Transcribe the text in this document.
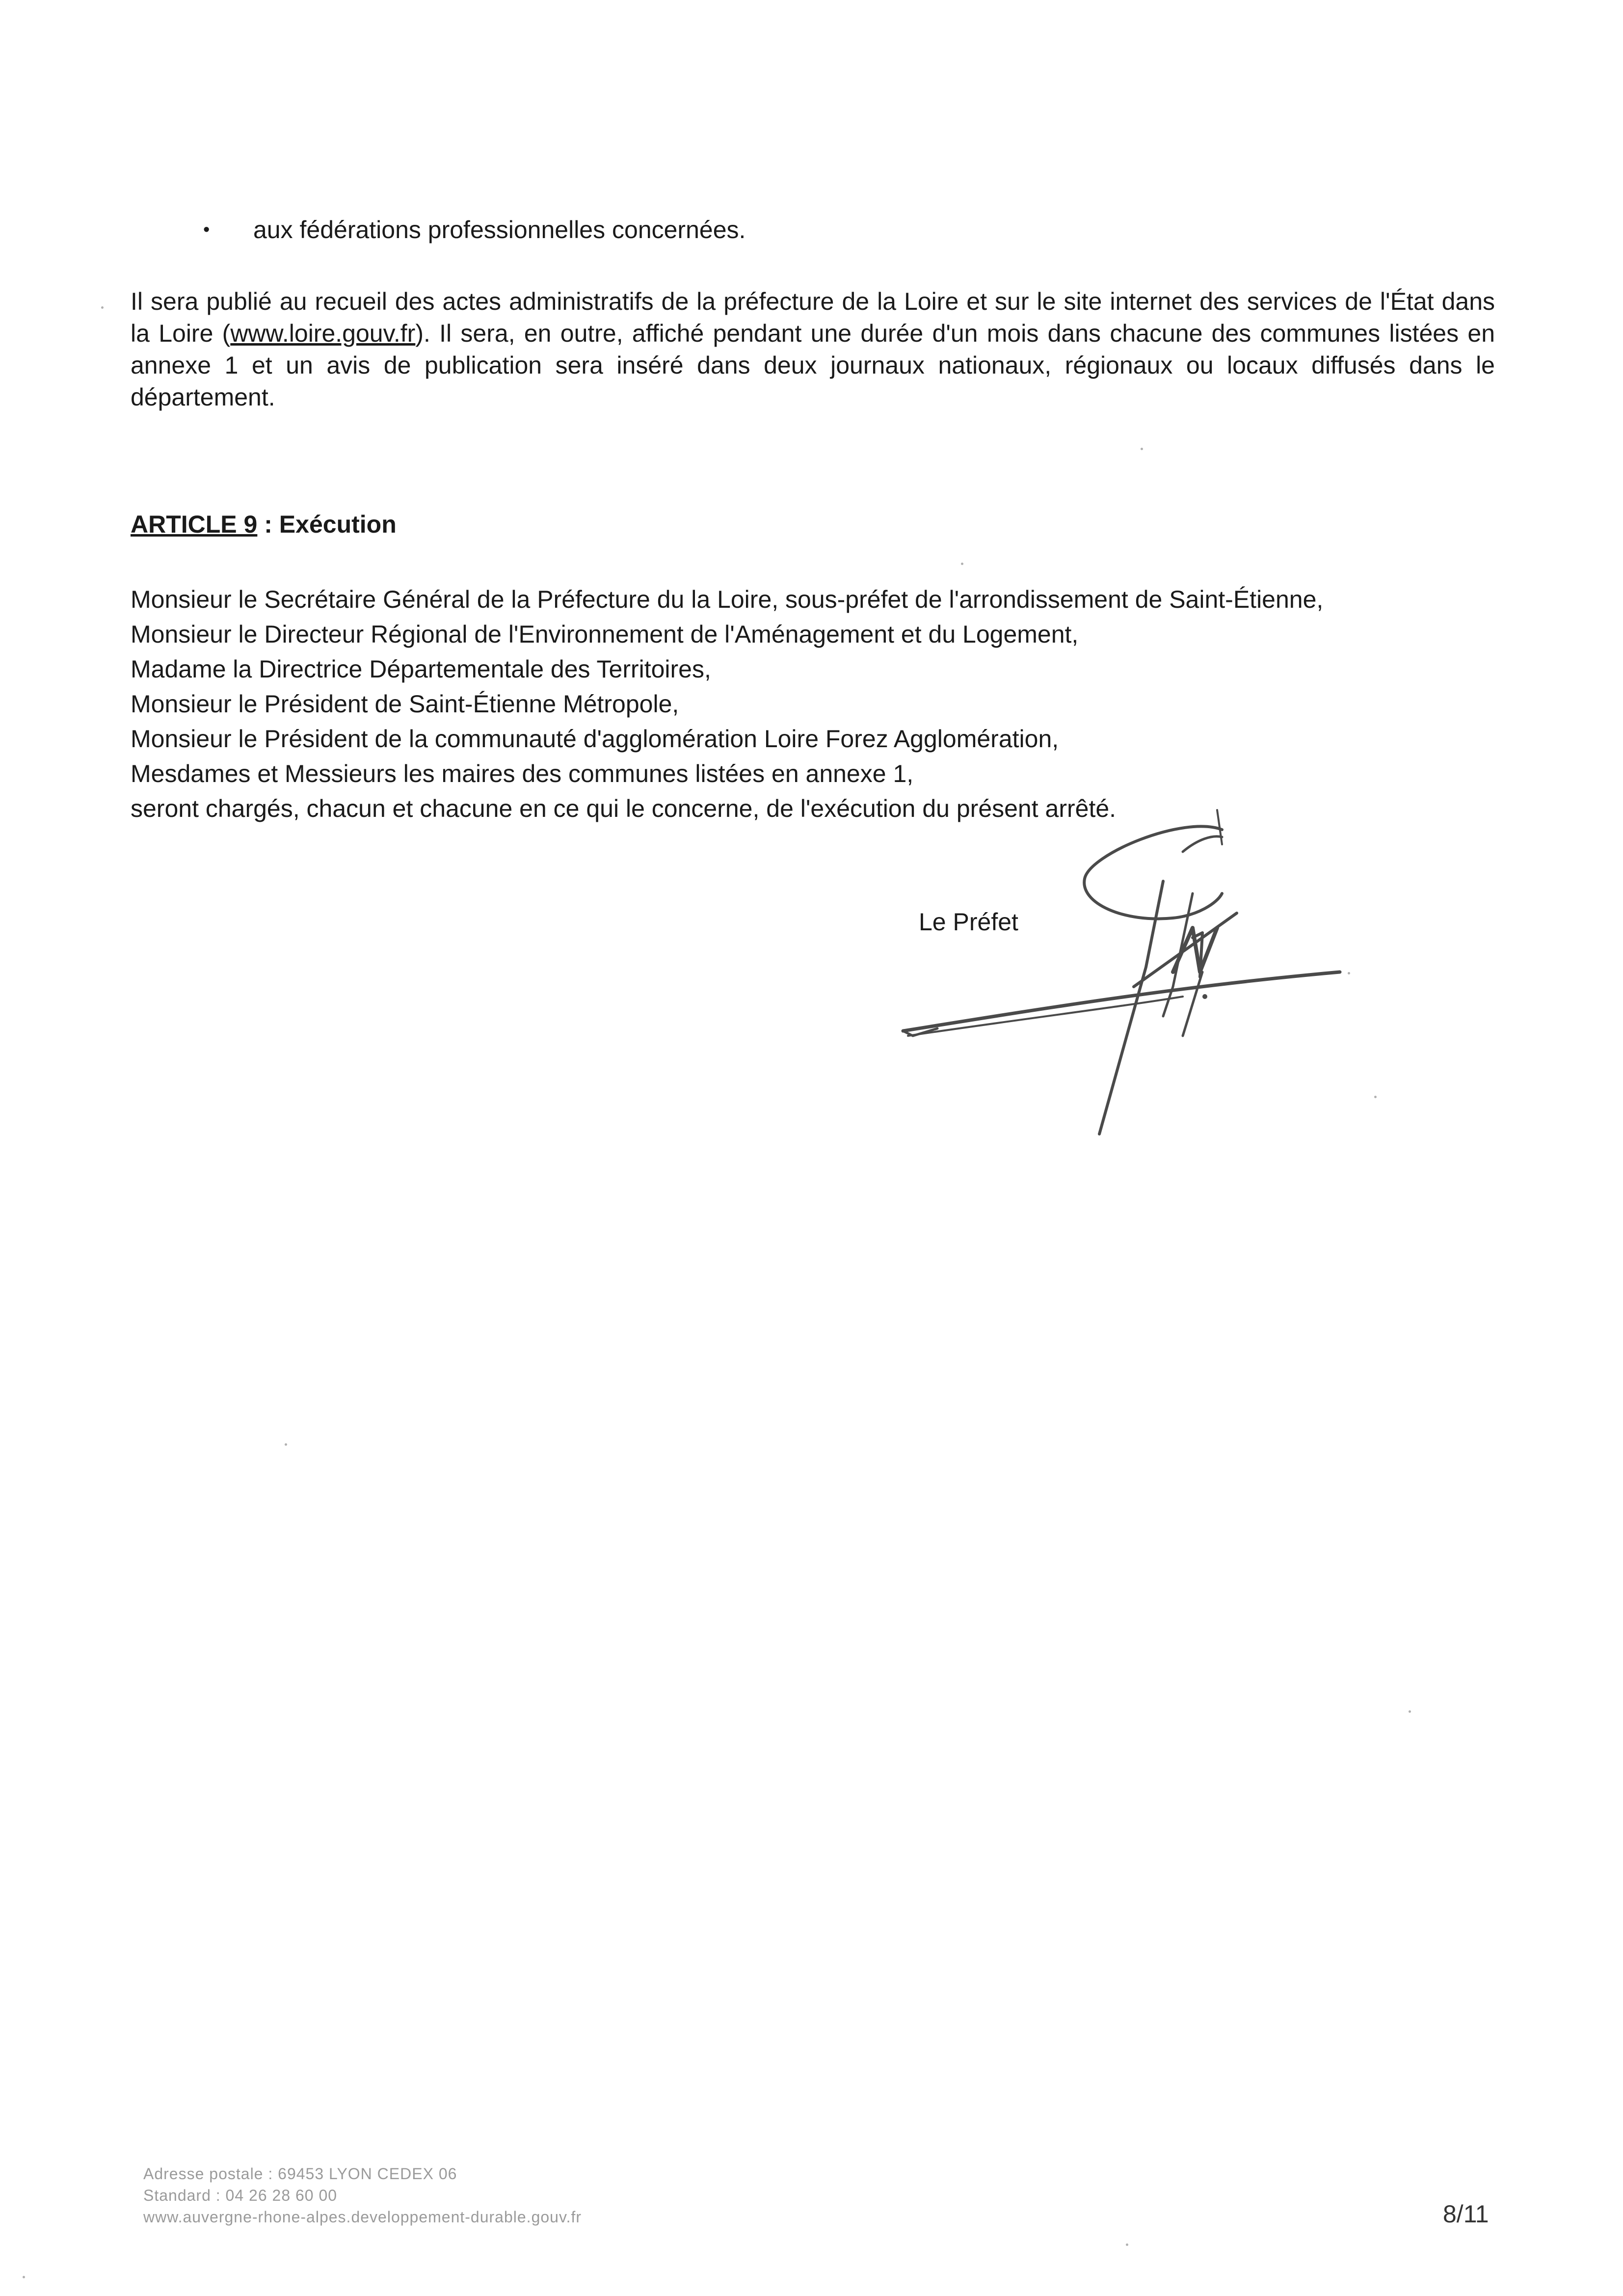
• aux fédérations professionnelles concernées.
Il sera publié au recueil des actes administratifs de la préfecture de la Loire et sur le site internet des services de l'État dans la Loire (www.loire.gouv.fr). Il sera, en outre, affiché pendant une durée d'un mois dans chacune des communes listées en annexe 1 et un avis de publication sera inséré dans deux journaux nationaux, régionaux ou locaux diffusés dans le département.
ARTICLE 9 : Exécution
Monsieur le Secrétaire Général de la Préfecture du la Loire, sous-préfet de l'arrondissement de Saint-Étienne,
Monsieur le Directeur Régional de l'Environnement de l'Aménagement et du Logement,
Madame la Directrice Départementale des Territoires,
Monsieur le Président de Saint-Étienne Métropole,
Monsieur le Président de la communauté d'agglomération Loire Forez Agglomération,
Mesdames et Messieurs les maires des communes listées en annexe 1,
seront chargés, chacun et chacune en ce qui le concerne, de l'exécution du présent arrêté.
Le Préfet
Adresse postale : 69453 LYON CEDEX 06
Standard : 04 26 28 60 00
www.auvergne-rhone-alpes.developpement-durable.gouv.fr	8/11
